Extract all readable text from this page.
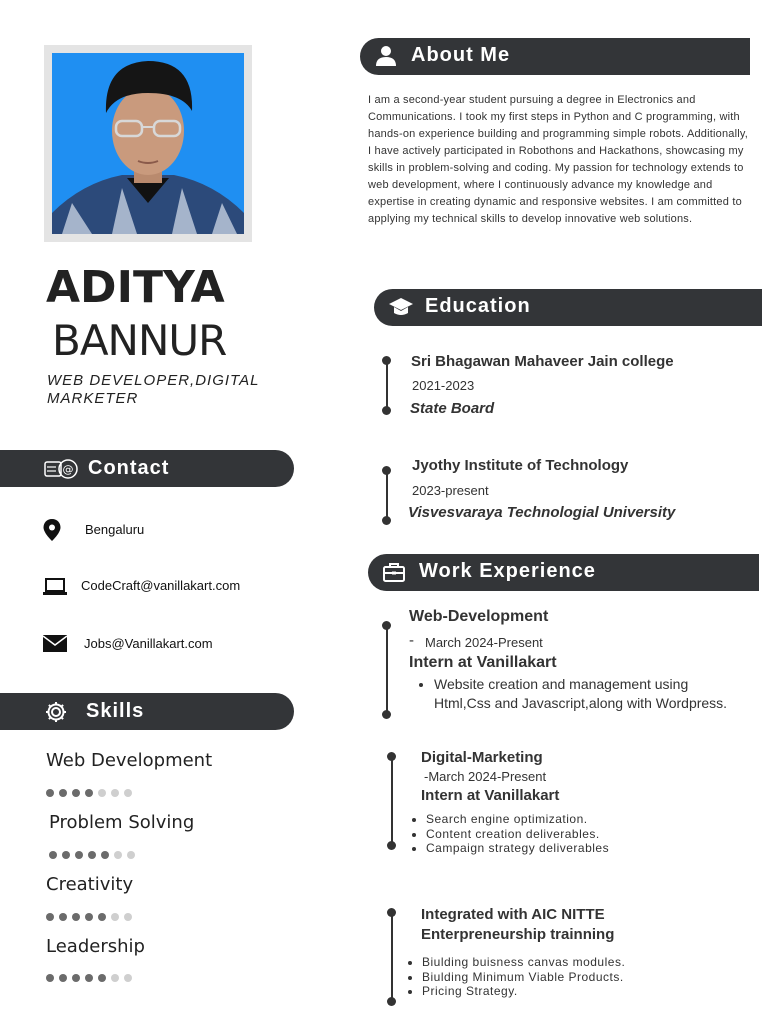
ADITYA
BANNUR
WEB DEVELOPER,DIGITAL MARKETER
@ Contact
Bengaluru
CodeCraft@vanillakart.com
Jobs@Vanillakart.com
Skills
Web Development
Problem Solving
Creativity
Leadership
About Me
I am a second-year student pursuing a degree in Electronics and Communications. I took my first steps in Python and C programming, with hands-on experience building and programming simple robots. Additionally, I have actively participated in Robothons and Hackathons, showcasing my skills in problem-solving and coding. My passion for technology extends to web development, where I continuously advance my knowledge and expertise in creating dynamic and responsive websites. I am committed to applying my technical skills to develop innovative web solutions.
Education
Sri Bhagawan Mahaveer Jain college
2021-2023
State Board
Jyothy Institute of Technology
2023-present
Visvesvaraya Technologial University
Work Experience
Web-Development
- March 2024-Present
Intern at Vanillakart
• Website creation and management using
Html,Css and Javascript,along with Wordpress.
Digital-Marketing
-March 2024-Present
Intern at Vanillakart
• Search engine optimization.
• Content creation deliverables.
• Campaign strategy deliverables
Integrated with AIC NITTE
Enterpreneurship trainning
• Biulding buisness canvas modules.
• Biulding Minimum Viable Products.
• Pricing Strategy.
